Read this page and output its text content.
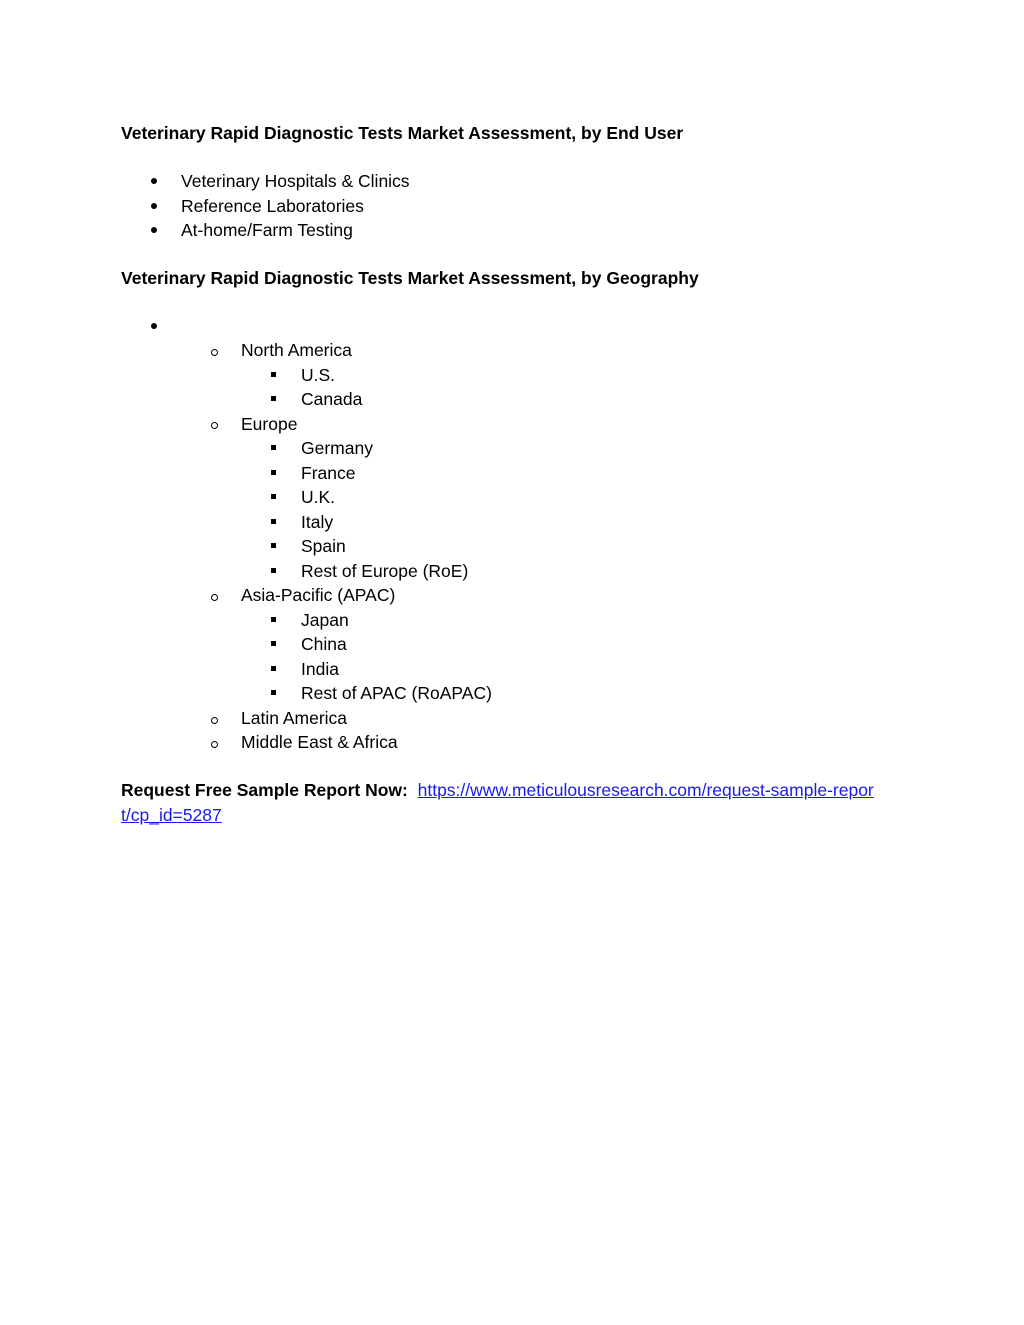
Veterinary Rapid Diagnostic Tests Market Assessment, by End User
Veterinary Hospitals & Clinics
Reference Laboratories
At-home/Farm Testing
Veterinary Rapid Diagnostic Tests Market Assessment, by Geography
North America
U.S.
Canada
Europe
Germany
France
U.K.
Italy
Spain
Rest of Europe (RoE)
Asia-Pacific (APAC)
Japan
China
India
Rest of APAC (RoAPAC)
Latin America
Middle East & Africa
Request Free Sample Report Now: https://www.meticulousresearch.com/request-sample-report/cp_id=5287
